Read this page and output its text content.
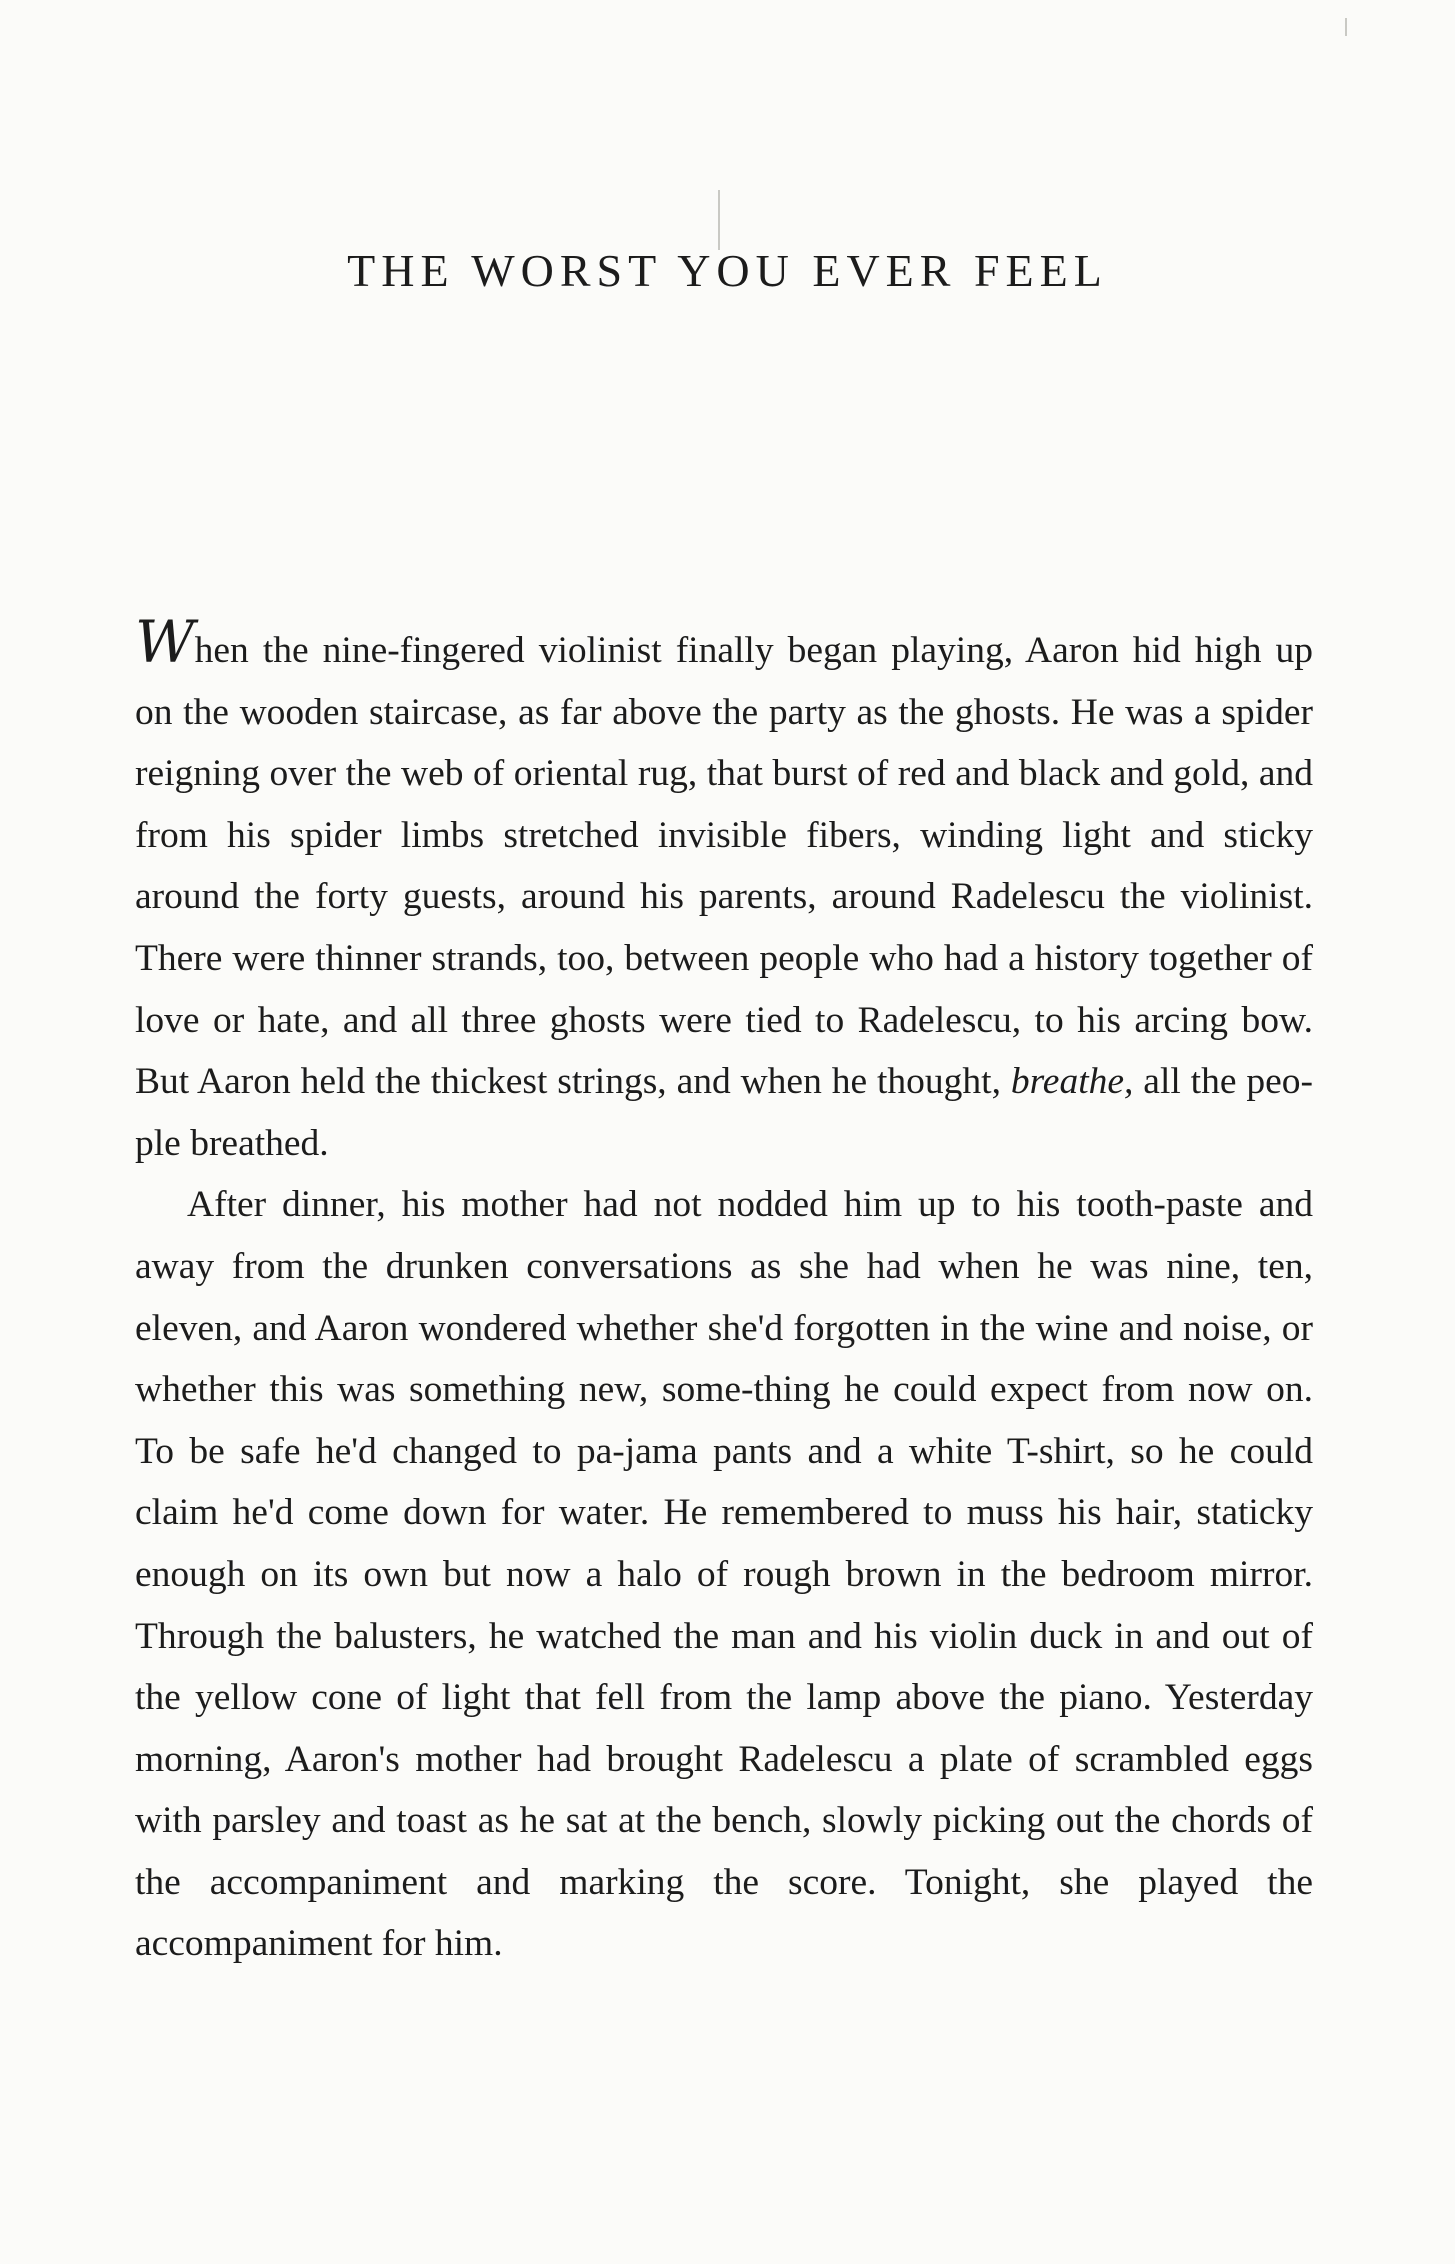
THE WORST YOU EVER FEEL

When the nine-fingered violinist finally began playing, Aaron hid high up on the wooden staircase, as far above the party as the ghosts. He was a spider reigning over the web of oriental rug, that burst of red and black and gold, and from his spider limbs stretched invisible fibers, winding light and sticky around the forty guests, around his parents, around Radelescu the violinist. There were thinner strands, too, between people who had a history together of love or hate, and all three ghosts were tied to Radelescu, to his arcing bow. But Aaron held the thickest strings, and when he thought, breathe, all the peo-ple breathed.

After dinner, his mother had not nodded him up to his tooth-paste and away from the drunken conversations as she had when he was nine, ten, eleven, and Aaron wondered whether she'd forgotten in the wine and noise, or whether this was something new, some-thing he could expect from now on. To be safe he'd changed to pa-jama pants and a white T-shirt, so he could claim he'd come down for water. He remembered to muss his hair, staticky enough on its own but now a halo of rough brown in the bedroom mirror. Through the balusters, he watched the man and his violin duck in and out of the yellow cone of light that fell from the lamp above the piano. Yesterday morning, Aaron's mother had brought Radelescu a plate of scrambled eggs with parsley and toast as he sat at the bench, slowly picking out the chords of the accompaniment and marking the score. Tonight, she played the accompaniment for him.
